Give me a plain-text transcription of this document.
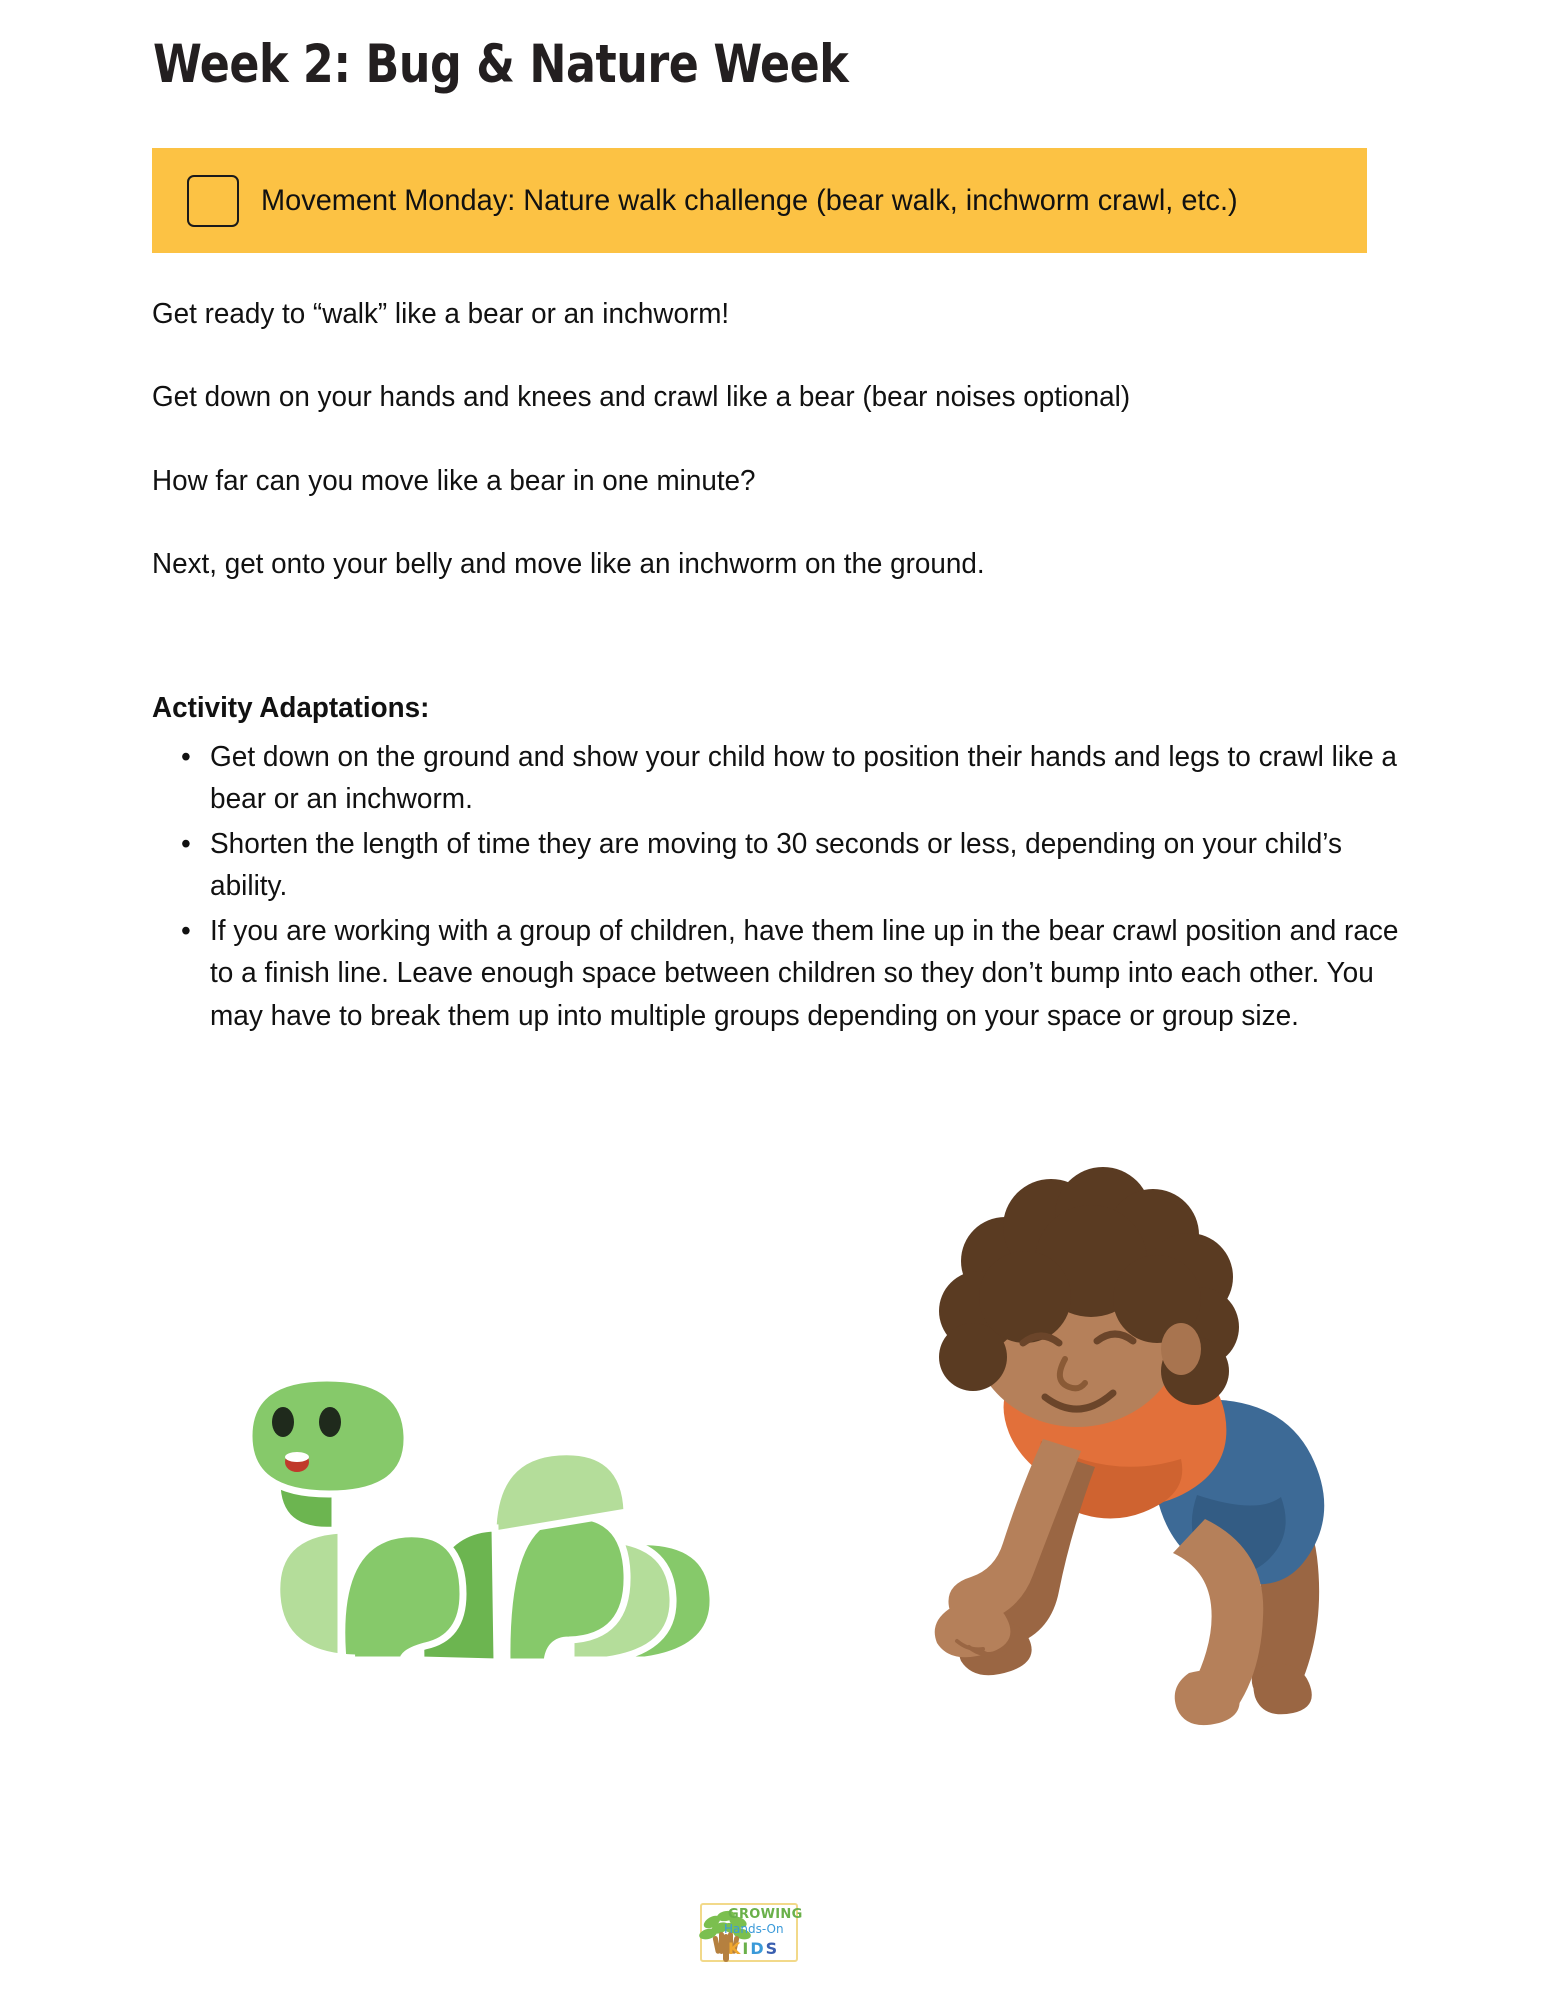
Week 2: Bug & Nature Week
Movement Monday: Nature walk challenge (bear walk, inchworm crawl, etc.)

Get ready to “walk” like a bear or an inchworm!

Get down on your hands and knees and crawl like a bear (bear noises optional)

How far can you move like a bear in one minute?

Next, get onto your belly and move like an inchworm on the ground.

Activity Adaptations:
• Get down on the ground and show your child how to position their hands and legs to crawl like a bear or an inchworm.
• Shorten the length of time they are moving to 30 seconds or less, depending on your child’s ability.
• If you are working with a group of children, have them line up in the bear crawl position and race to a finish line. Leave enough space between children so they don’t bump into each other. You may have to break them up into multiple groups depending on your space or group size.
GROWING
Hands-On
KIDS
